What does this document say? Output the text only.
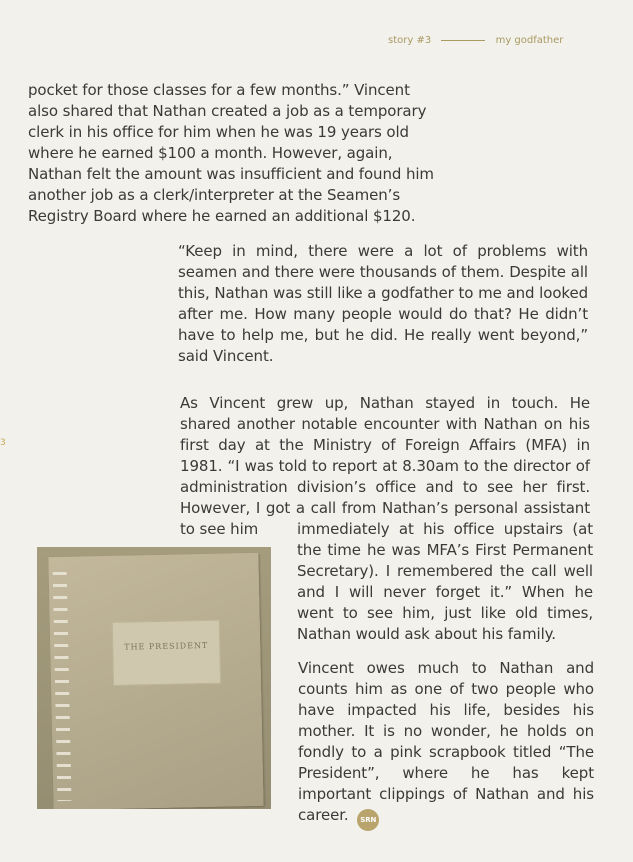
story #3	my godfather
3

pocket for those classes for a few months.” Vincent also shared that Nathan created a job as a temporary clerk in his office for him when he was 19 years old where he earned $100 a month. However, again, Nathan felt the amount was insufficient and found him another job as a clerk/interpreter at the Seamen’s Registry Board where he earned an additional $120.

“Keep in mind, there were a lot of problems with seamen and there were thousands of them. Despite all this, Nathan was still like a godfather to me and looked after me. How many people would do that? He didn’t have to help me, but he did. He really went beyond,” said Vincent.

As Vincent grew up, Nathan stayed in touch. He shared another notable encounter with Nathan on his first day at the Ministry of Foreign Affairs (MFA) in 1981. “I was told to report at 8.30am to the director of administration division’s office and to see her first. However, I got a call from Nathan’s personal assistant to see him	immediately at his office upstairs (at the time he was MFA’s First Permanent Secretary). I remembered the call well and I will never forget it.” When he went to see him, just like old times, Nathan would ask about his family.

Vincent owes much to Nathan and counts him as one of two people who have impacted his life, besides his mother. It is no wonder, he holds on fondly to a pink scrapbook titled “The President”, where he has kept important clippings of Nathan and his career. SRN

THE PRESIDENT
